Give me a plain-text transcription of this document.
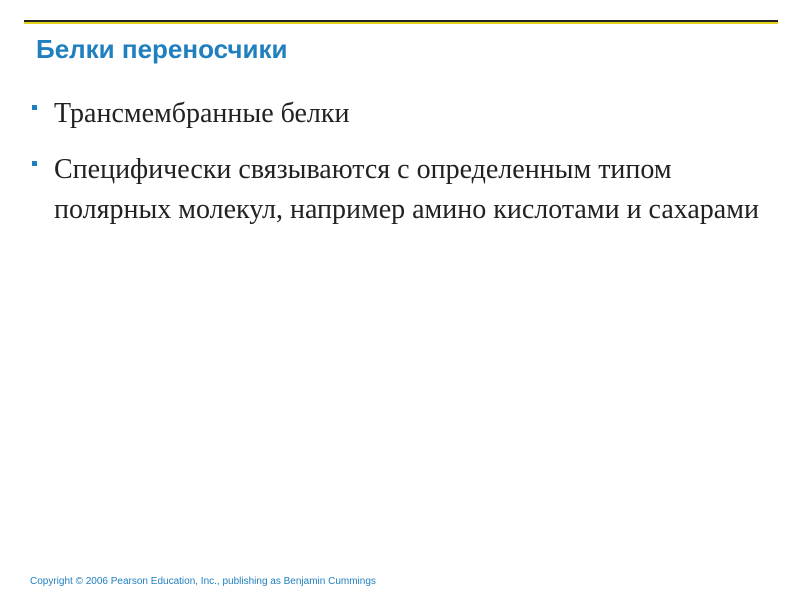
Белки переносчики
Трансмембранные белки
Специфически связываются с определенным типом полярных молекул, например амино кислотами и сахарами

Copyright © 2006 Pearson Education, Inc., publishing as Benjamin Cummings
